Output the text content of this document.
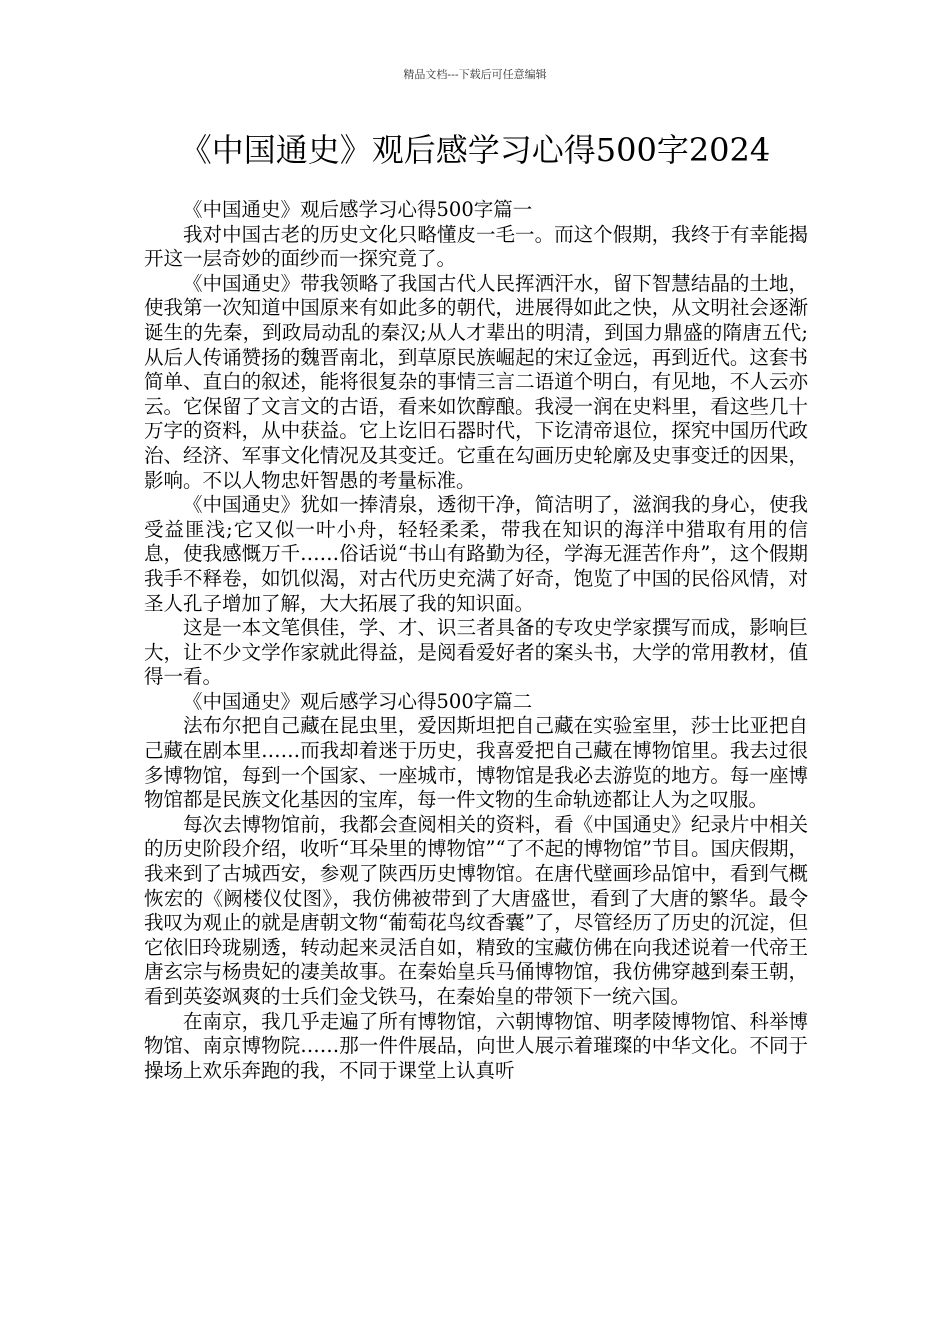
精品文档---下载后可任意编辑
《中国通史》观后感学习心得500字2024

《中国通史》观后感学习心得500字篇一

我对中国古老的历史文化只略懂皮一毛一。而这个假期，我终于有幸能揭开这一层奇妙的面纱而一探究竟了。

《中国通史》带我领略了我国古代人民挥洒汗水，留下智慧结晶的土地，使我第一次知道中国原来有如此多的朝代，进展得如此之快，从文明社会逐渐诞生的先秦，到政局动乱的秦汉;从人才辈出的明清，到国力鼎盛的隋唐五代;从后人传诵赞扬的魏晋南北，到草原民族崛起的宋辽金远，再到近代。这套书简单、直白的叙述，能将很复杂的事情三言二语道个明白，有见地，不人云亦云。它保留了文言文的古语，看来如饮醇酿。我浸一润在史料里，看这些几十万字的资料，从中获益。它上讫旧石器时代，下讫清帝退位，探究中国历代政治、经济、军事文化情况及其变迁。它重在勾画历史轮廓及史事变迁的因果，影响。不以人物忠奸智愚的考量标准。

《中国通史》犹如一捧清泉，透彻干净，简洁明了，滋润我的身心，使我受益匪浅;它又似一叶小舟，轻轻柔柔，带我在知识的海洋中猎取有用的信息，使我感慨万千……俗话说“书山有路勤为径，学海无涯苦作舟”，这个假期我手不释卷，如饥似渴，对古代历史充满了好奇，饱览了中国的民俗风情，对圣人孔子增加了解，大大拓展了我的知识面。

这是一本文笔俱佳，学、才、识三者具备的专攻史学家撰写而成，影响巨大，让不少文学作家就此得益，是阅看爱好者的案头书，大学的常用教材，值得一看。

《中国通史》观后感学习心得500字篇二

法布尔把自己藏在昆虫里，爱因斯坦把自己藏在实验室里，莎士比亚把自己藏在剧本里……而我却着迷于历史，我喜爱把自己藏在博物馆里。我去过很多博物馆，每到一个国家、一座城市，博物馆是我必去游览的地方。每一座博物馆都是民族文化基因的宝库，每一件文物的生命轨迹都让人为之叹服。

每次去博物馆前，我都会查阅相关的资料，看《中国通史》纪录片中相关的历史阶段介绍，收听“耳朵里的博物馆”“了不起的博物馆”节目。国庆假期，我来到了古城西安，参观了陕西历史博物馆。在唐代壁画珍品馆中，看到气概恢宏的《阙楼仪仗图》，我仿佛被带到了大唐盛世，看到了大唐的繁华。最令我叹为观止的就是唐朝文物“葡萄花鸟纹香囊”了，尽管经历了历史的沉淀，但它依旧玲珑剔透，转动起来灵活自如，精致的宝藏仿佛在向我述说着一代帝王唐玄宗与杨贵妃的凄美故事。在秦始皇兵马俑博物馆，我仿佛穿越到秦王朝，看到英姿飒爽的士兵们金戈铁马，在秦始皇的带领下一统六国。

在南京，我几乎走遍了所有博物馆，六朝博物馆、明孝陵博物馆、科举博物馆、南京博物院……那一件件展品，向世人展示着璀璨的中华文化。不同于操场上欢乐奔跑的我，不同于课堂上认真听
